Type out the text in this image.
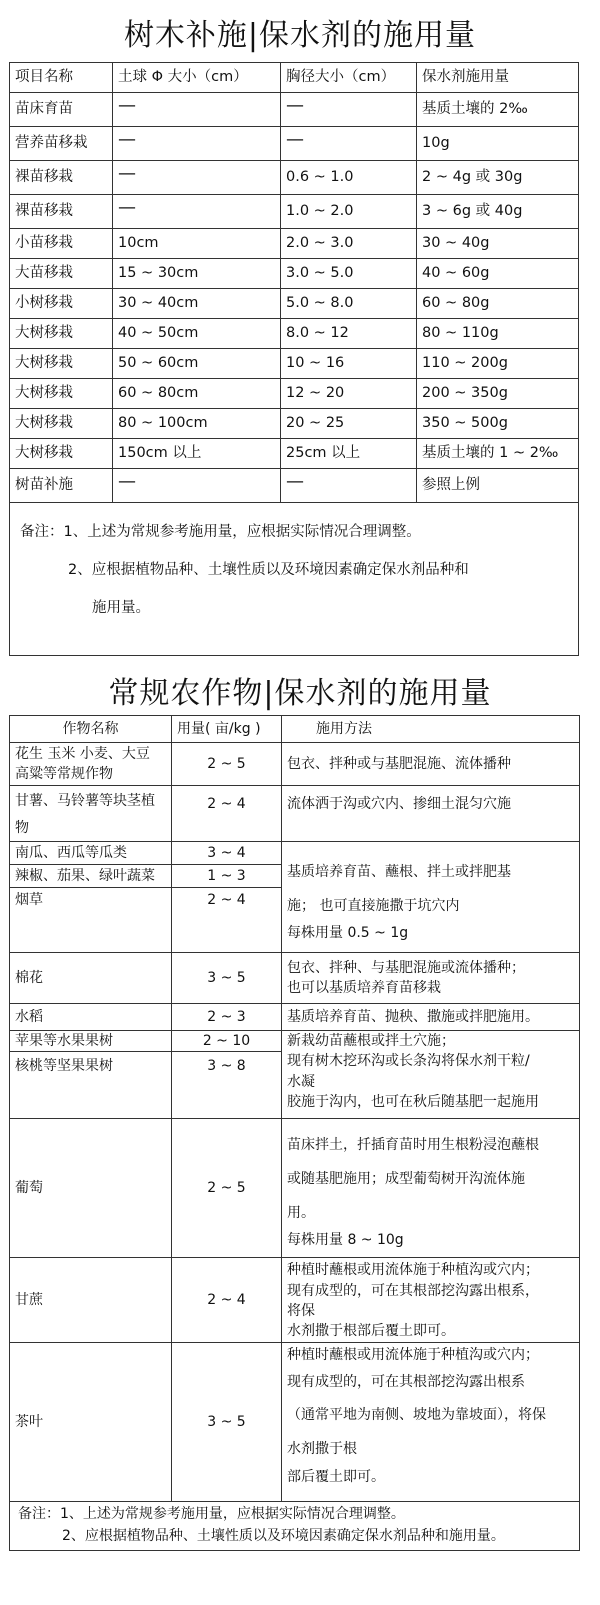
树木补施|保水剂的施用量
项目名称	土球 Φ 大小（cm）	胸径大小（cm）	保水剂施用量
苗床育苗	—	—	基质土壤的 2‰
营养苗移栽	—	—	10g
裸苗移栽	—	0.6 ~ 1.0	2 ~ 4g 或 30g
裸苗移栽	—	1.0 ~ 2.0	3 ~ 6g 或 40g
小苗移栽	10cm	2.0 ~ 3.0	30 ~ 40g
大苗移栽	15 ~ 30cm	3.0 ~ 5.0	40 ~ 60g
小树移栽	30 ~ 40cm	5.0 ~ 8.0	60 ~ 80g
大树移栽	40 ~ 50cm	8.0 ~ 12	80 ~ 110g
大树移栽	50 ~ 60cm	10 ~ 16	110 ~ 200g
大树移栽	60 ~ 80cm	12 ~ 20	200 ~ 350g
大树移栽	80 ~ 100cm	20 ~ 25	350 ~ 500g
大树移栽	150cm 以上	25cm 以上	基质土壤的 1 ~ 2‰
树苗补施	—	—	参照上例

备注：1、上述为常规参考施用量，应根据实际情况合理调整。
2、应根据植物品种、土壤性质以及环境因素确定保水剂品种和
施用量。			
常规农作物|保水剂的施用量
作物名称	用量( 亩/kg )	施用方法

花生 玉米 小麦、大豆
高粱等常规作物	2 ~ 5	包衣、拌种或与基肥混施、流体播种

甘薯、马铃薯等块茎植
物	2 ~ 4	流体洒于沟或穴内、掺细土混匀穴施
南瓜、西瓜等瓜类	3 ~ 4	基质培养育苗、蘸根、拌土或拌肥基
施； 也可直接施撒于坑穴内
每株用量 0.5 ~ 1g

辣椒、茄果、绿叶蔬菜	1 ~ 3	
烟草	2 ~ 4	
棉花	3 ~ 5	包衣、拌种、与基肥混施或流体播种；
也可以基质培养育苗移栽

水稻	2 ~ 3	基质培养育苗、抛秧、撒施或拌肥施用。
苹果等水果果树	2 ~ 10	新栽幼苗蘸根或拌土穴施；
现有树木挖环沟或长条沟将保水剂干粒/
水凝
胶施于沟内，也可在秋后随基肥一起施用

核桃等坚果果树	3 ~ 8	
葡萄	2 ~ 5	苗床拌土，扦插育苗时用生根粉浸泡蘸根
或随基肥施用；成型葡萄树开沟流体施
用。
每株用量 8 ~ 10g

甘蔗	2 ~ 4	种植时蘸根或用流体施于种植沟或穴内；
现有成型的，可在其根部挖沟露出根系，
将保
水剂撒于根部后覆土即可。

茶叶	3 ~ 5	种植时蘸根或用流体施于种植沟或穴内；
现有成型的，可在其根部挖沟露出根系
（通常平地为南侧、坡地为靠坡面），将保
水剂撒于根
部后覆土即可。

备注：1、上述为常规参考施用量，应根据实际情况合理调整。
2、应根据植物品种、土壤性质以及环境因素确定保水剂品种和施用量。		
